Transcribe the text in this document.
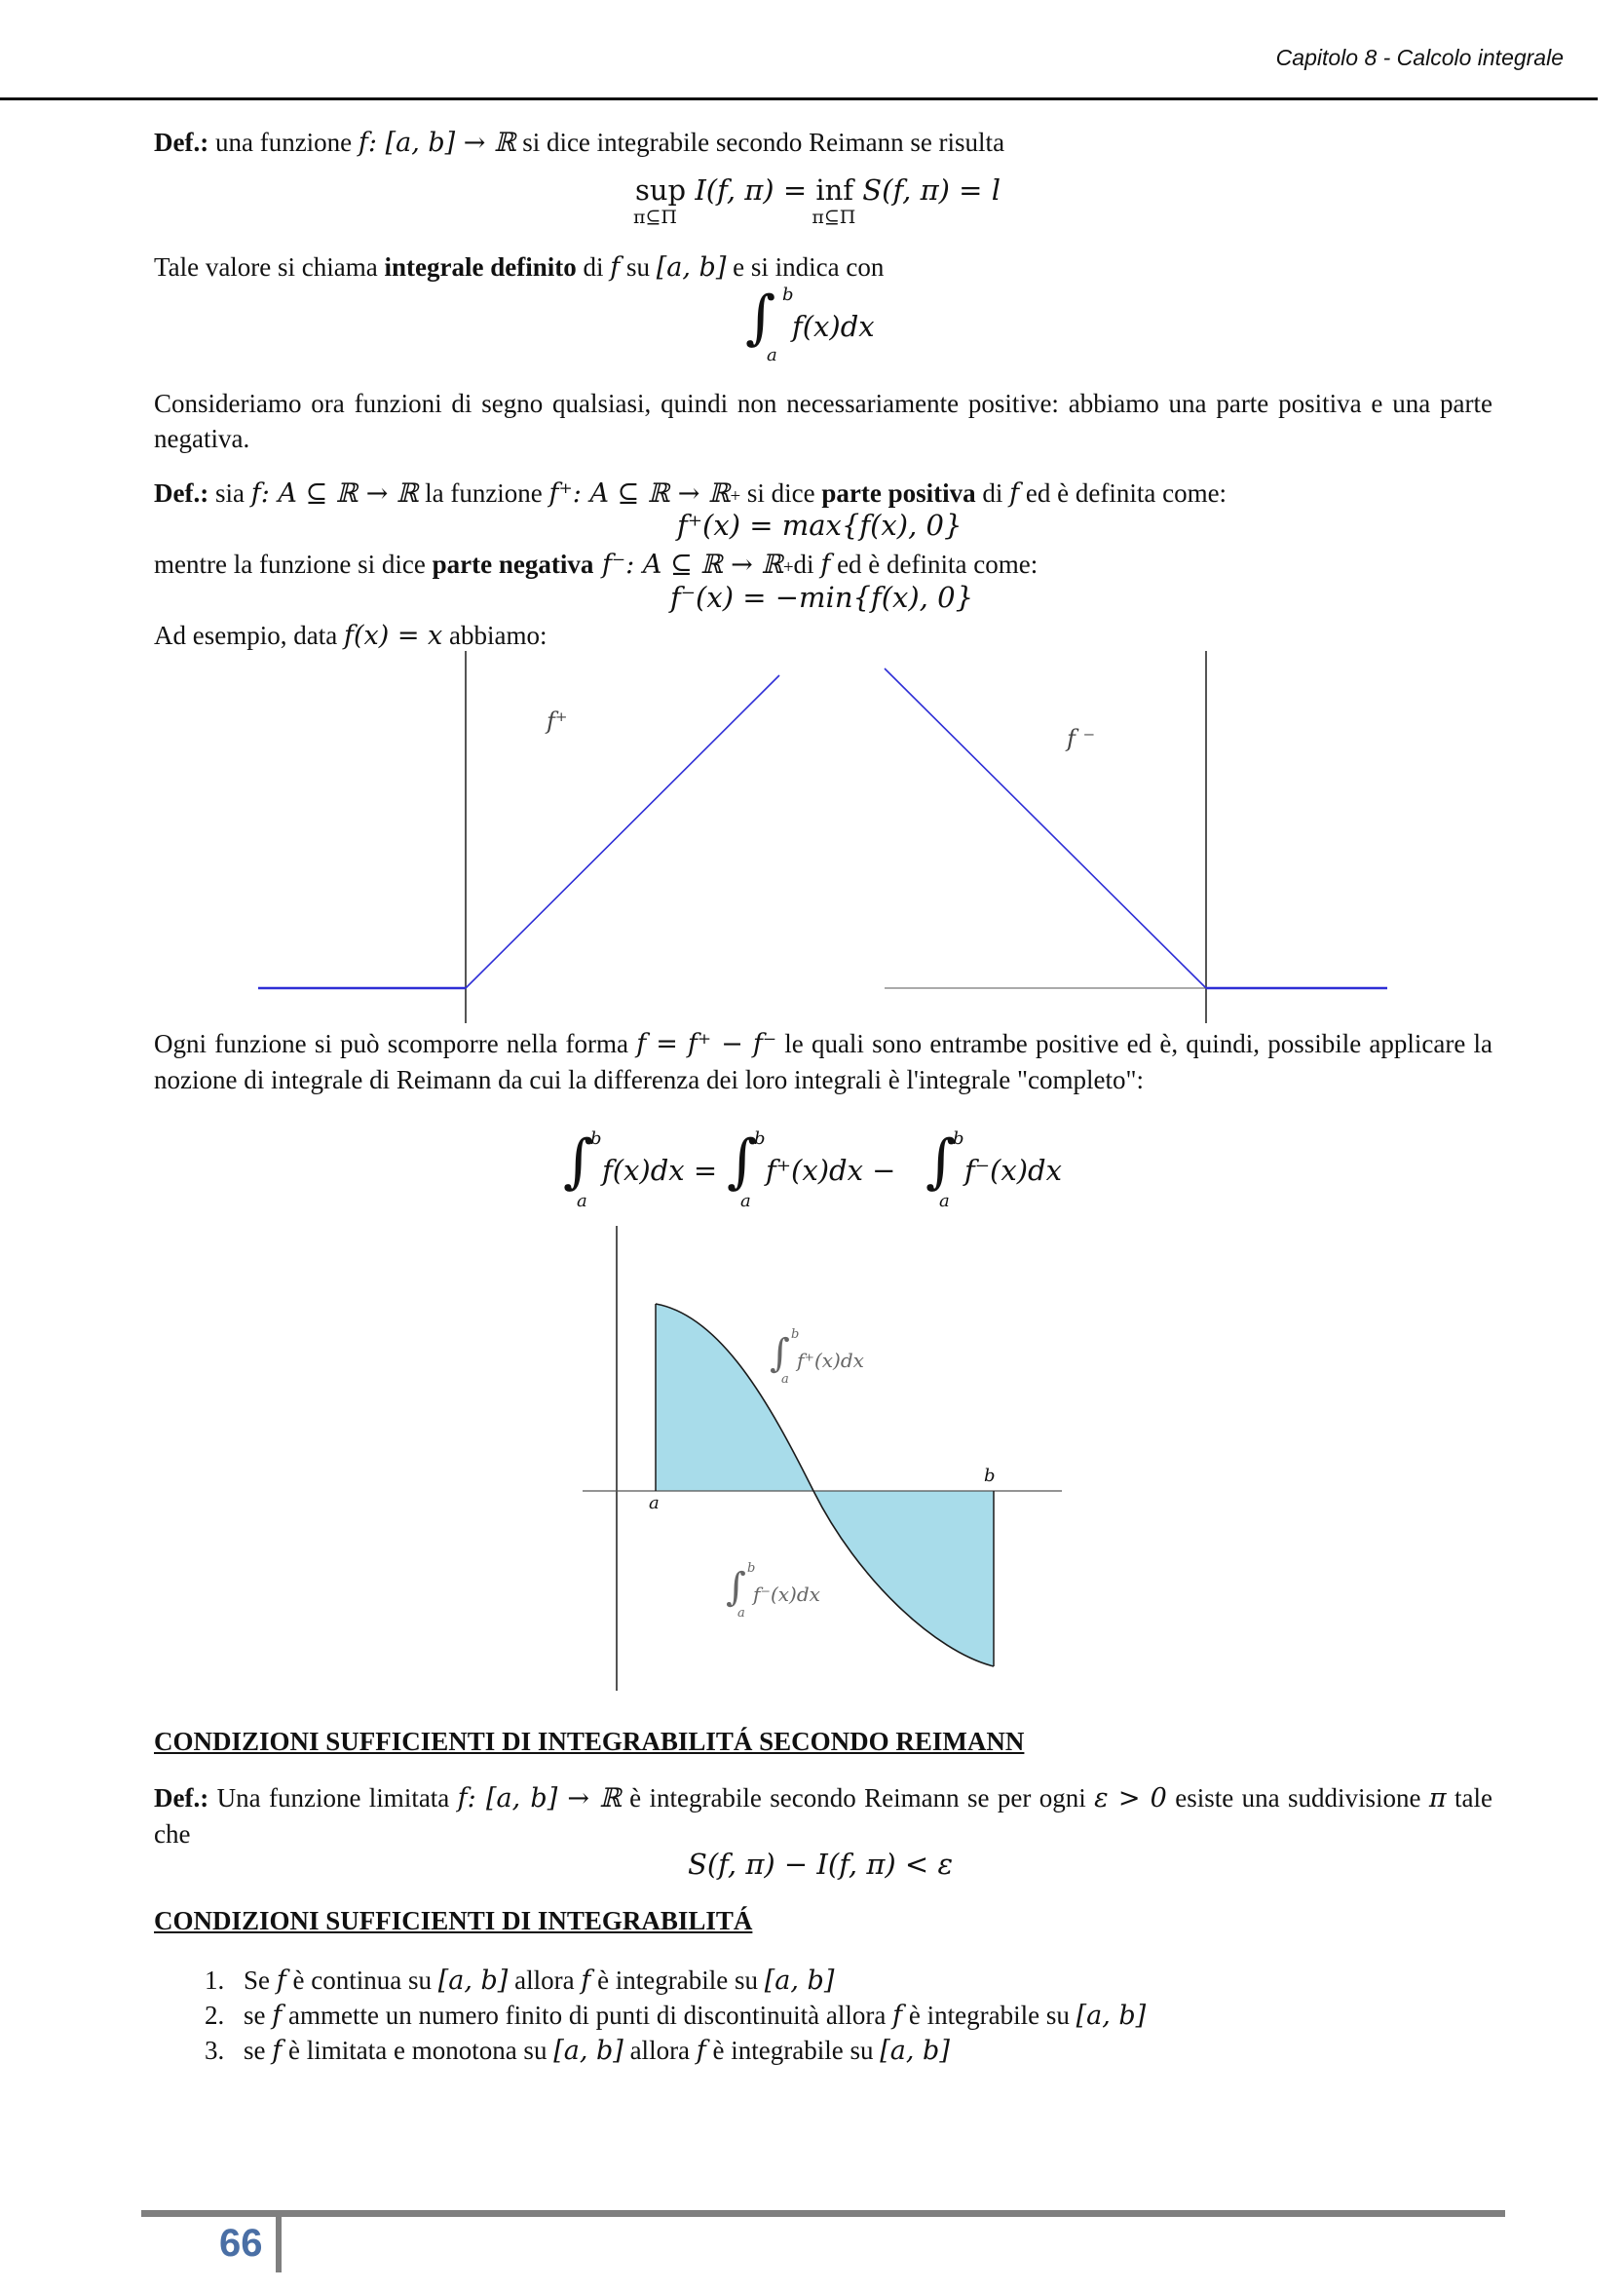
Capitolo 8 - Calcolo integrale
Def.: una funzione f: [a, b] → ℝ si dice integrabile secondo Reimann se risulta
sup
π⊆Π
I(f, π) = inf
π⊆Π
S(f, π) = l
Tale valore si chiama integrale definito di f su [a, b] e si indica con
∫ b
a
f(x)dx
Consideriamo ora funzioni di segno qualsiasi, quindi non necessariamente positive: abbiamo una parte positiva e una parte negativa.
Def.: sia f: A ⊆ ℝ → ℝ la funzione f⁺: A ⊆ ℝ → ℝ+ si dice parte positiva di f ed è definita come:
f⁺(x) = max{f(x), 0}
mentre la funzione si dice parte negativa f⁻: A ⊆ ℝ → ℝ+di f ed è definita come:
f⁻(x) = −min{f(x), 0}
Ad esempio, data f(x) = x abbiamo:
f⁺
f ⁻
Ogni funzione si può scomporre nella forma f = f⁺ − f⁻ le quali sono entrambe positive ed è, quindi, possibile applicare la nozione di integrale di Reimann da cui la differenza dei loro integrali è l'integrale "completo":
∫
b
a
f(x)dx = ∫
b
a
f⁺(x)dx − ∫
b
a
f⁻(x)dx
a
b
∫ b
a
f⁺(x)dx
∫ b
a
f⁻(x)dx
CONDIZIONI SUFFICIENTI DI INTEGRABILITÁ SECONDO REIMANN
Def.: Una funzione limitata f: [a, b] → ℝ è integrabile secondo Reimann se per ogni ε > 0 esiste una suddivisione π tale che
S(f, π) − I(f, π) < ε
CONDIZIONI SUFFICIENTI DI INTEGRABILITÁ
1. Se f è continua su [a, b] allora f è integrabile su [a, b]
2. se f ammette un numero finito di punti di discontinuità allora f è integrabile su [a, b]
3. se f è limitata e monotona su [a, b] allora f è integrabile su [a, b]
66
